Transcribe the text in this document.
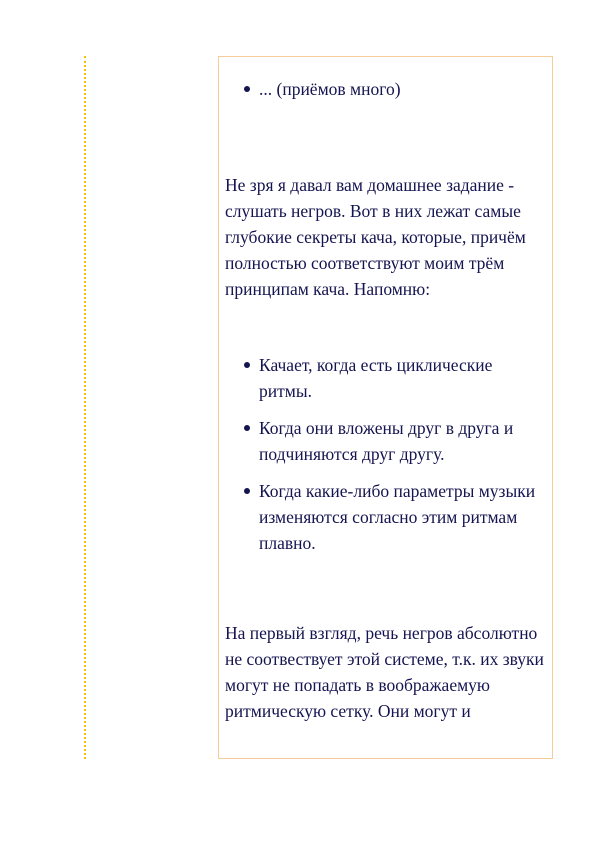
... (приёмов много)

Не зря я давал вам домашнее задание - слушать негров. Вот в них лежат самые глубокие секреты кача, которые, причём полностью соответствуют моим трём принципам кача. Напомню:

Качает, когда есть циклические ритмы.
Когда они вложены друг в друга и подчиняются друг другу.
Когда какие-либо параметры музыки изменяются согласно этим ритмам плавно.

На первый взгляд, речь негров абсолютно не соотвествует этой системе, т.к. их звуки могут не попадать в воображаемую ритмическую сетку. Они могут и
